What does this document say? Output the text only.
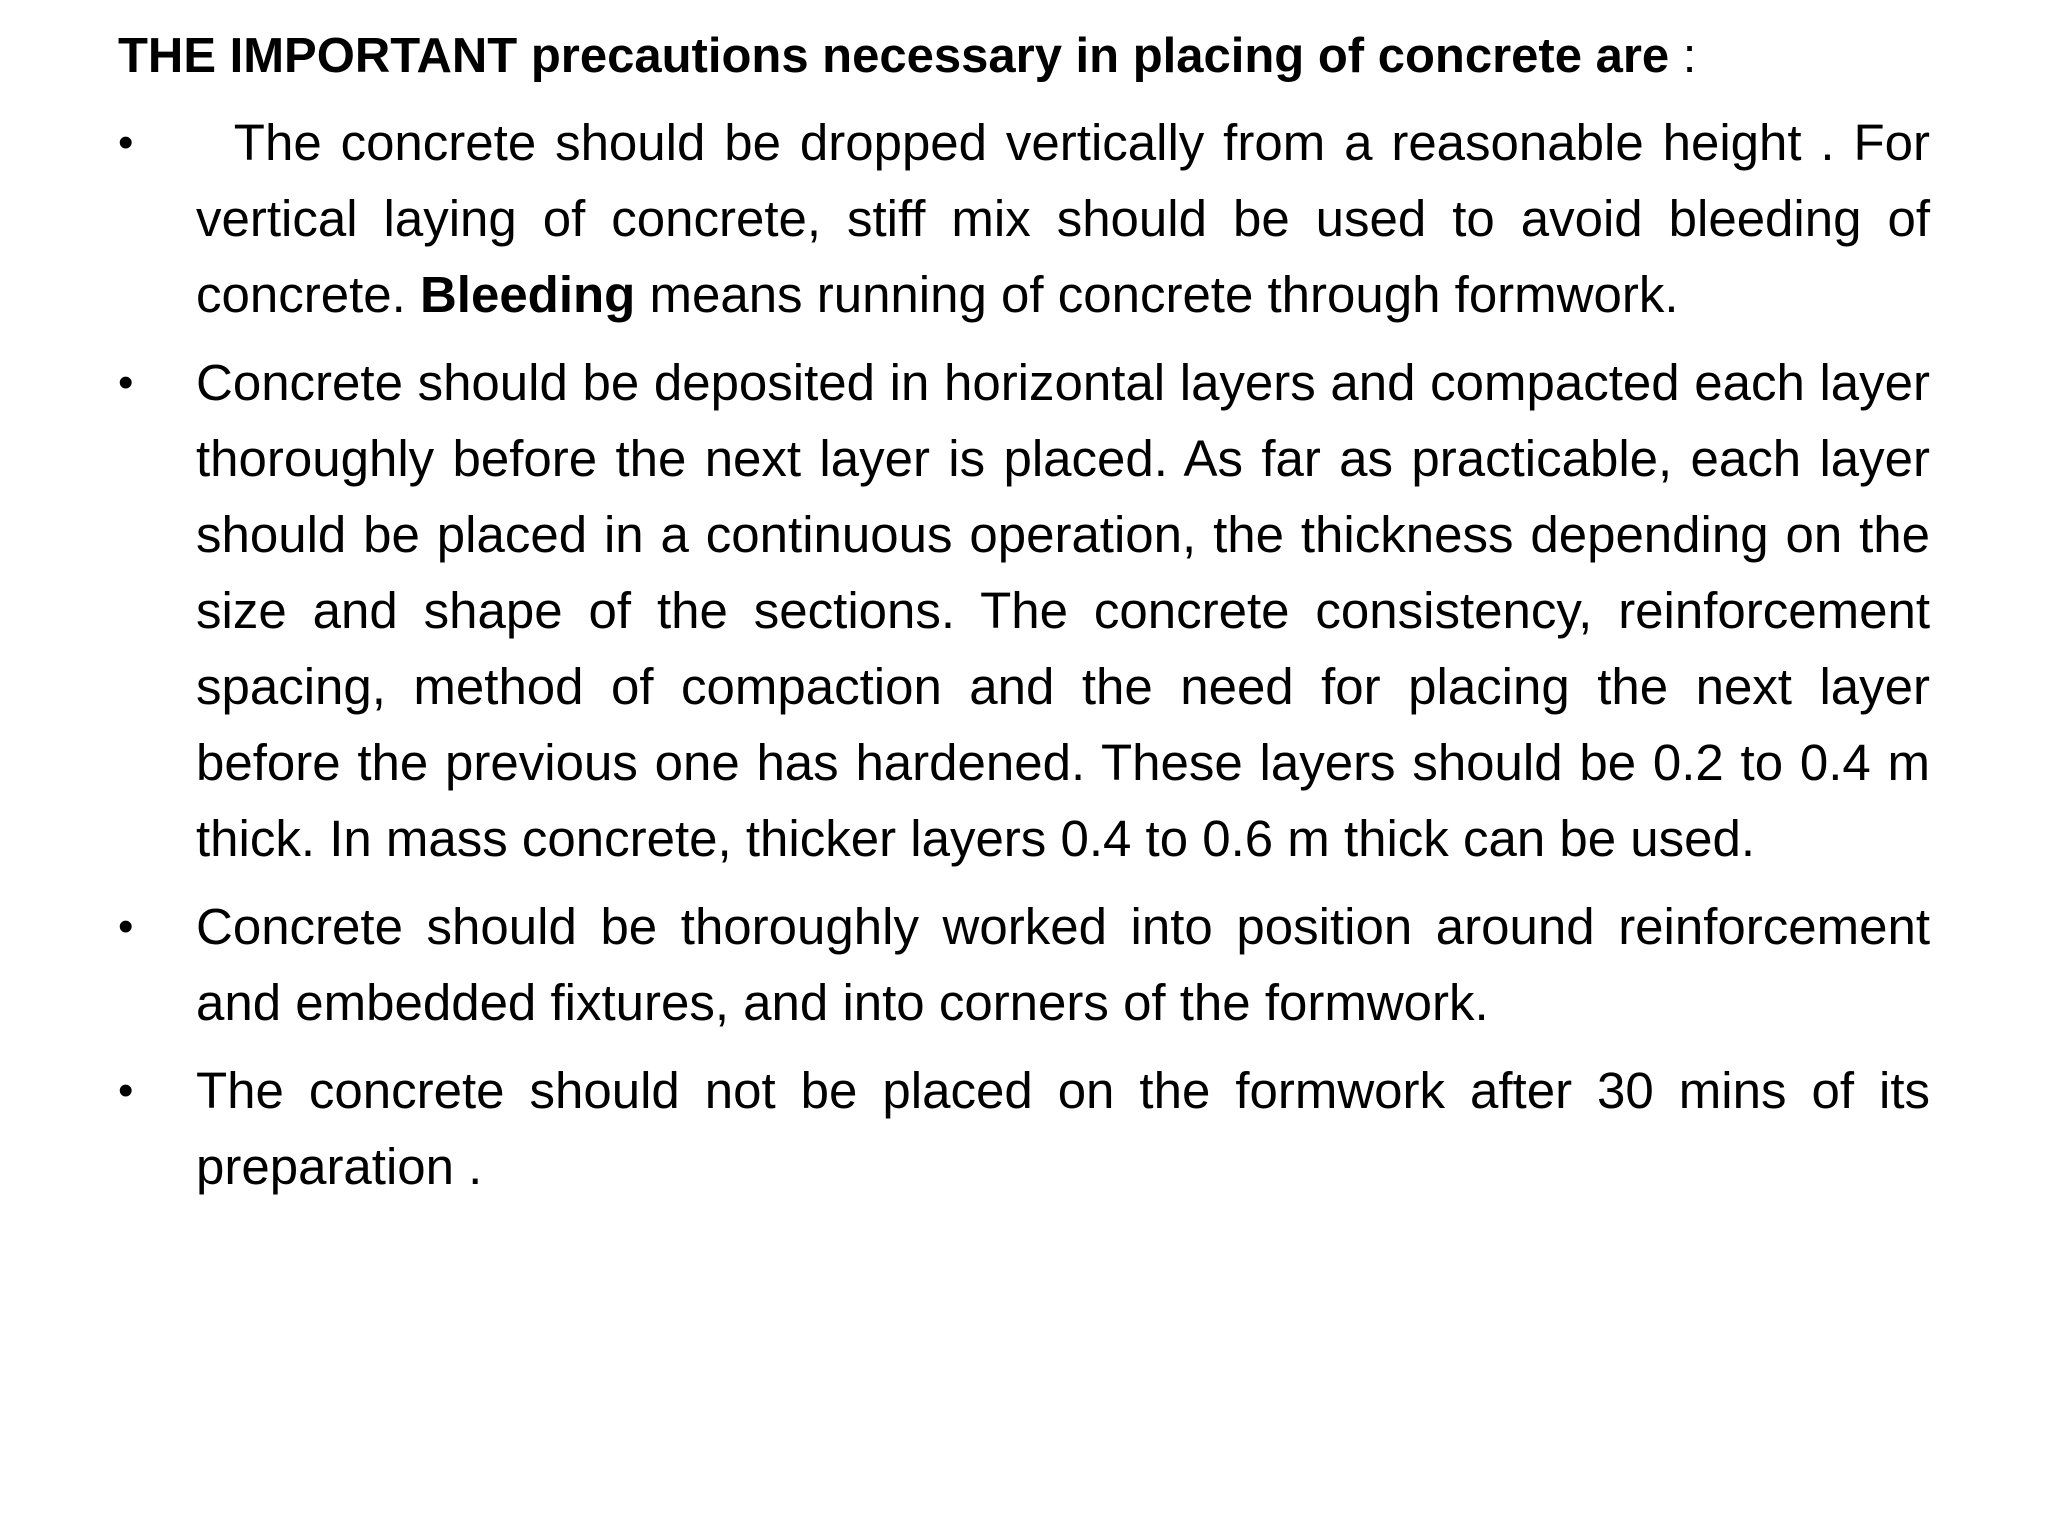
THE IMPORTANT precautions necessary in placing of concrete are :
•	The concrete should be dropped vertically from a reasonable height . For vertical laying of concrete, stiff mix should be used to avoid bleeding of concrete. Bleeding means running of concrete through formwork.
•	Concrete should be deposited in horizontal layers and compacted each layer thoroughly before the next layer is placed. As far as practicable, each layer should be placed in a continuous operation, the thickness depending on the size and shape of the sections. The concrete consistency, reinforcement spacing, method of compaction and the need for placing the next layer before the previous one has hardened. These layers should be 0.2 to 0.4 m thick. In mass concrete, thicker layers 0.4 to 0.6 m thick can be used.
•	Concrete should be thoroughly worked into position around reinforcement and embedded fixtures, and into corners of the formwork.
•	The concrete should not be placed on the formwork after 30 mins of its preparation .
